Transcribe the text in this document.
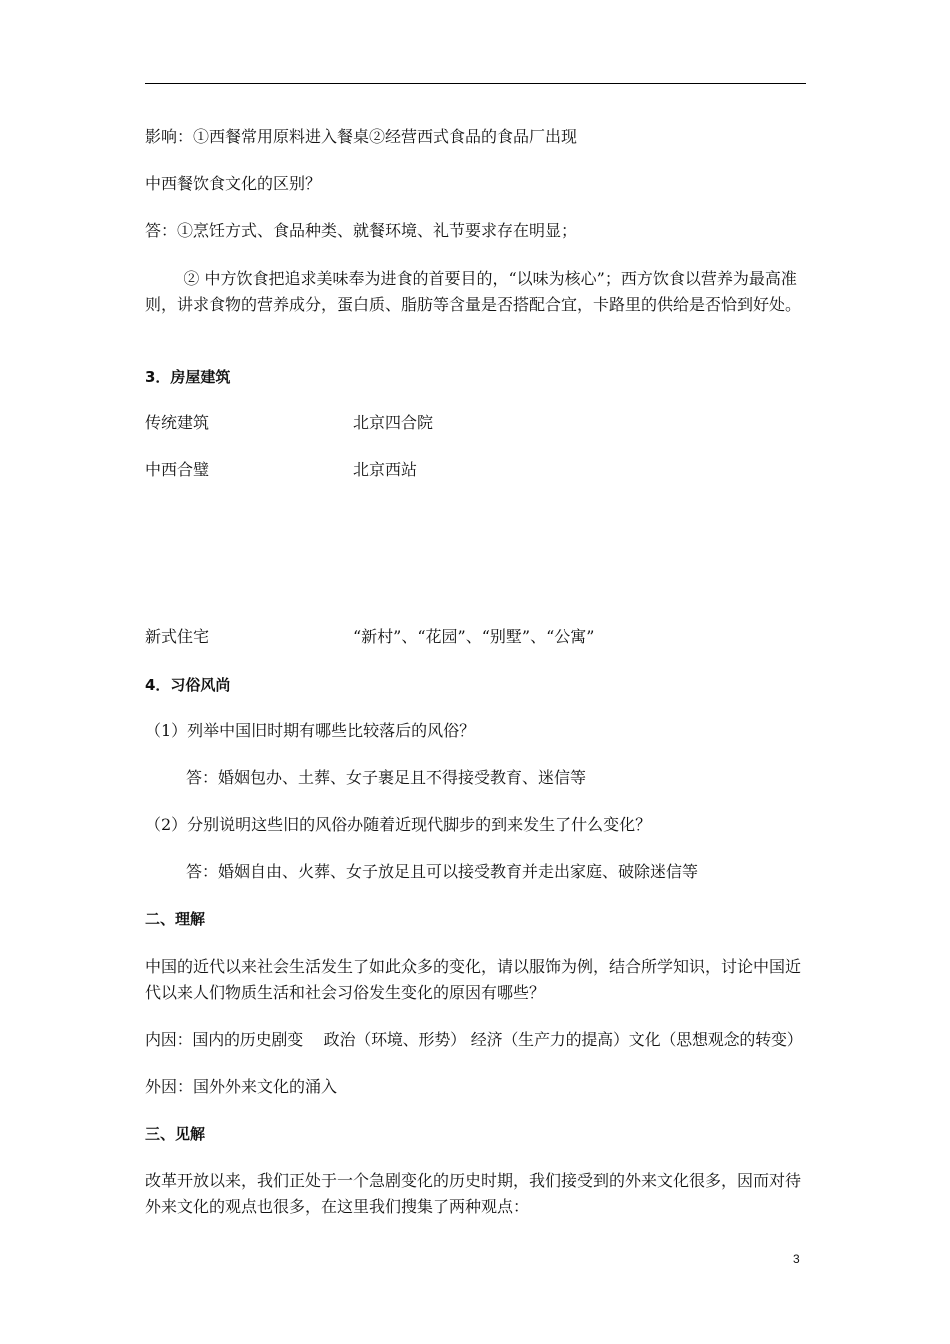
影响：①西餐常用原料进入餐桌②经营西式食品的食品厂出现
中西餐饮食文化的区别？
答：①烹饪方式、食品种类、就餐环境、礼节要求存在明显；
② 中方饮食把追求美味奉为进食的首要目的，“以味为核心”；西方饮食以营养为最高准则，讲求食物的营养成分，蛋白质、脂肪等含量是否搭配合宜，卡路里的供给是否恰到好处。
3．房屋建筑
传统建筑	北京四合院
中西合璧	北京西站
新式住宅	“新村”、“花园”、“别墅”、“公寓”
4．习俗风尚
（1）列举中国旧时期有哪些比较落后的风俗？
答：婚姻包办、土葬、女子裹足且不得接受教育、迷信等
（2）分别说明这些旧的风俗办随着近现代脚步的到来发生了什么变化？
答：婚姻自由、火葬、女子放足且可以接受教育并走出家庭、破除迷信等
二、理解
中国的近代以来社会生活发生了如此众多的变化，请以服饰为例，结合所学知识，讨论中国近代以来人们物质生活和社会习俗发生变化的原因有哪些？
内因：国内的历史剧变　 政治（环境、形势） 经济（生产力的提高）文化（思想观念的转变）
外因：国外外来文化的涌入
三、见解
改革开放以来，我们正处于一个急剧变化的历史时期，我们接受到的外来文化很多，因而对待外来文化的观点也很多，在这里我们搜集了两种观点：
3
